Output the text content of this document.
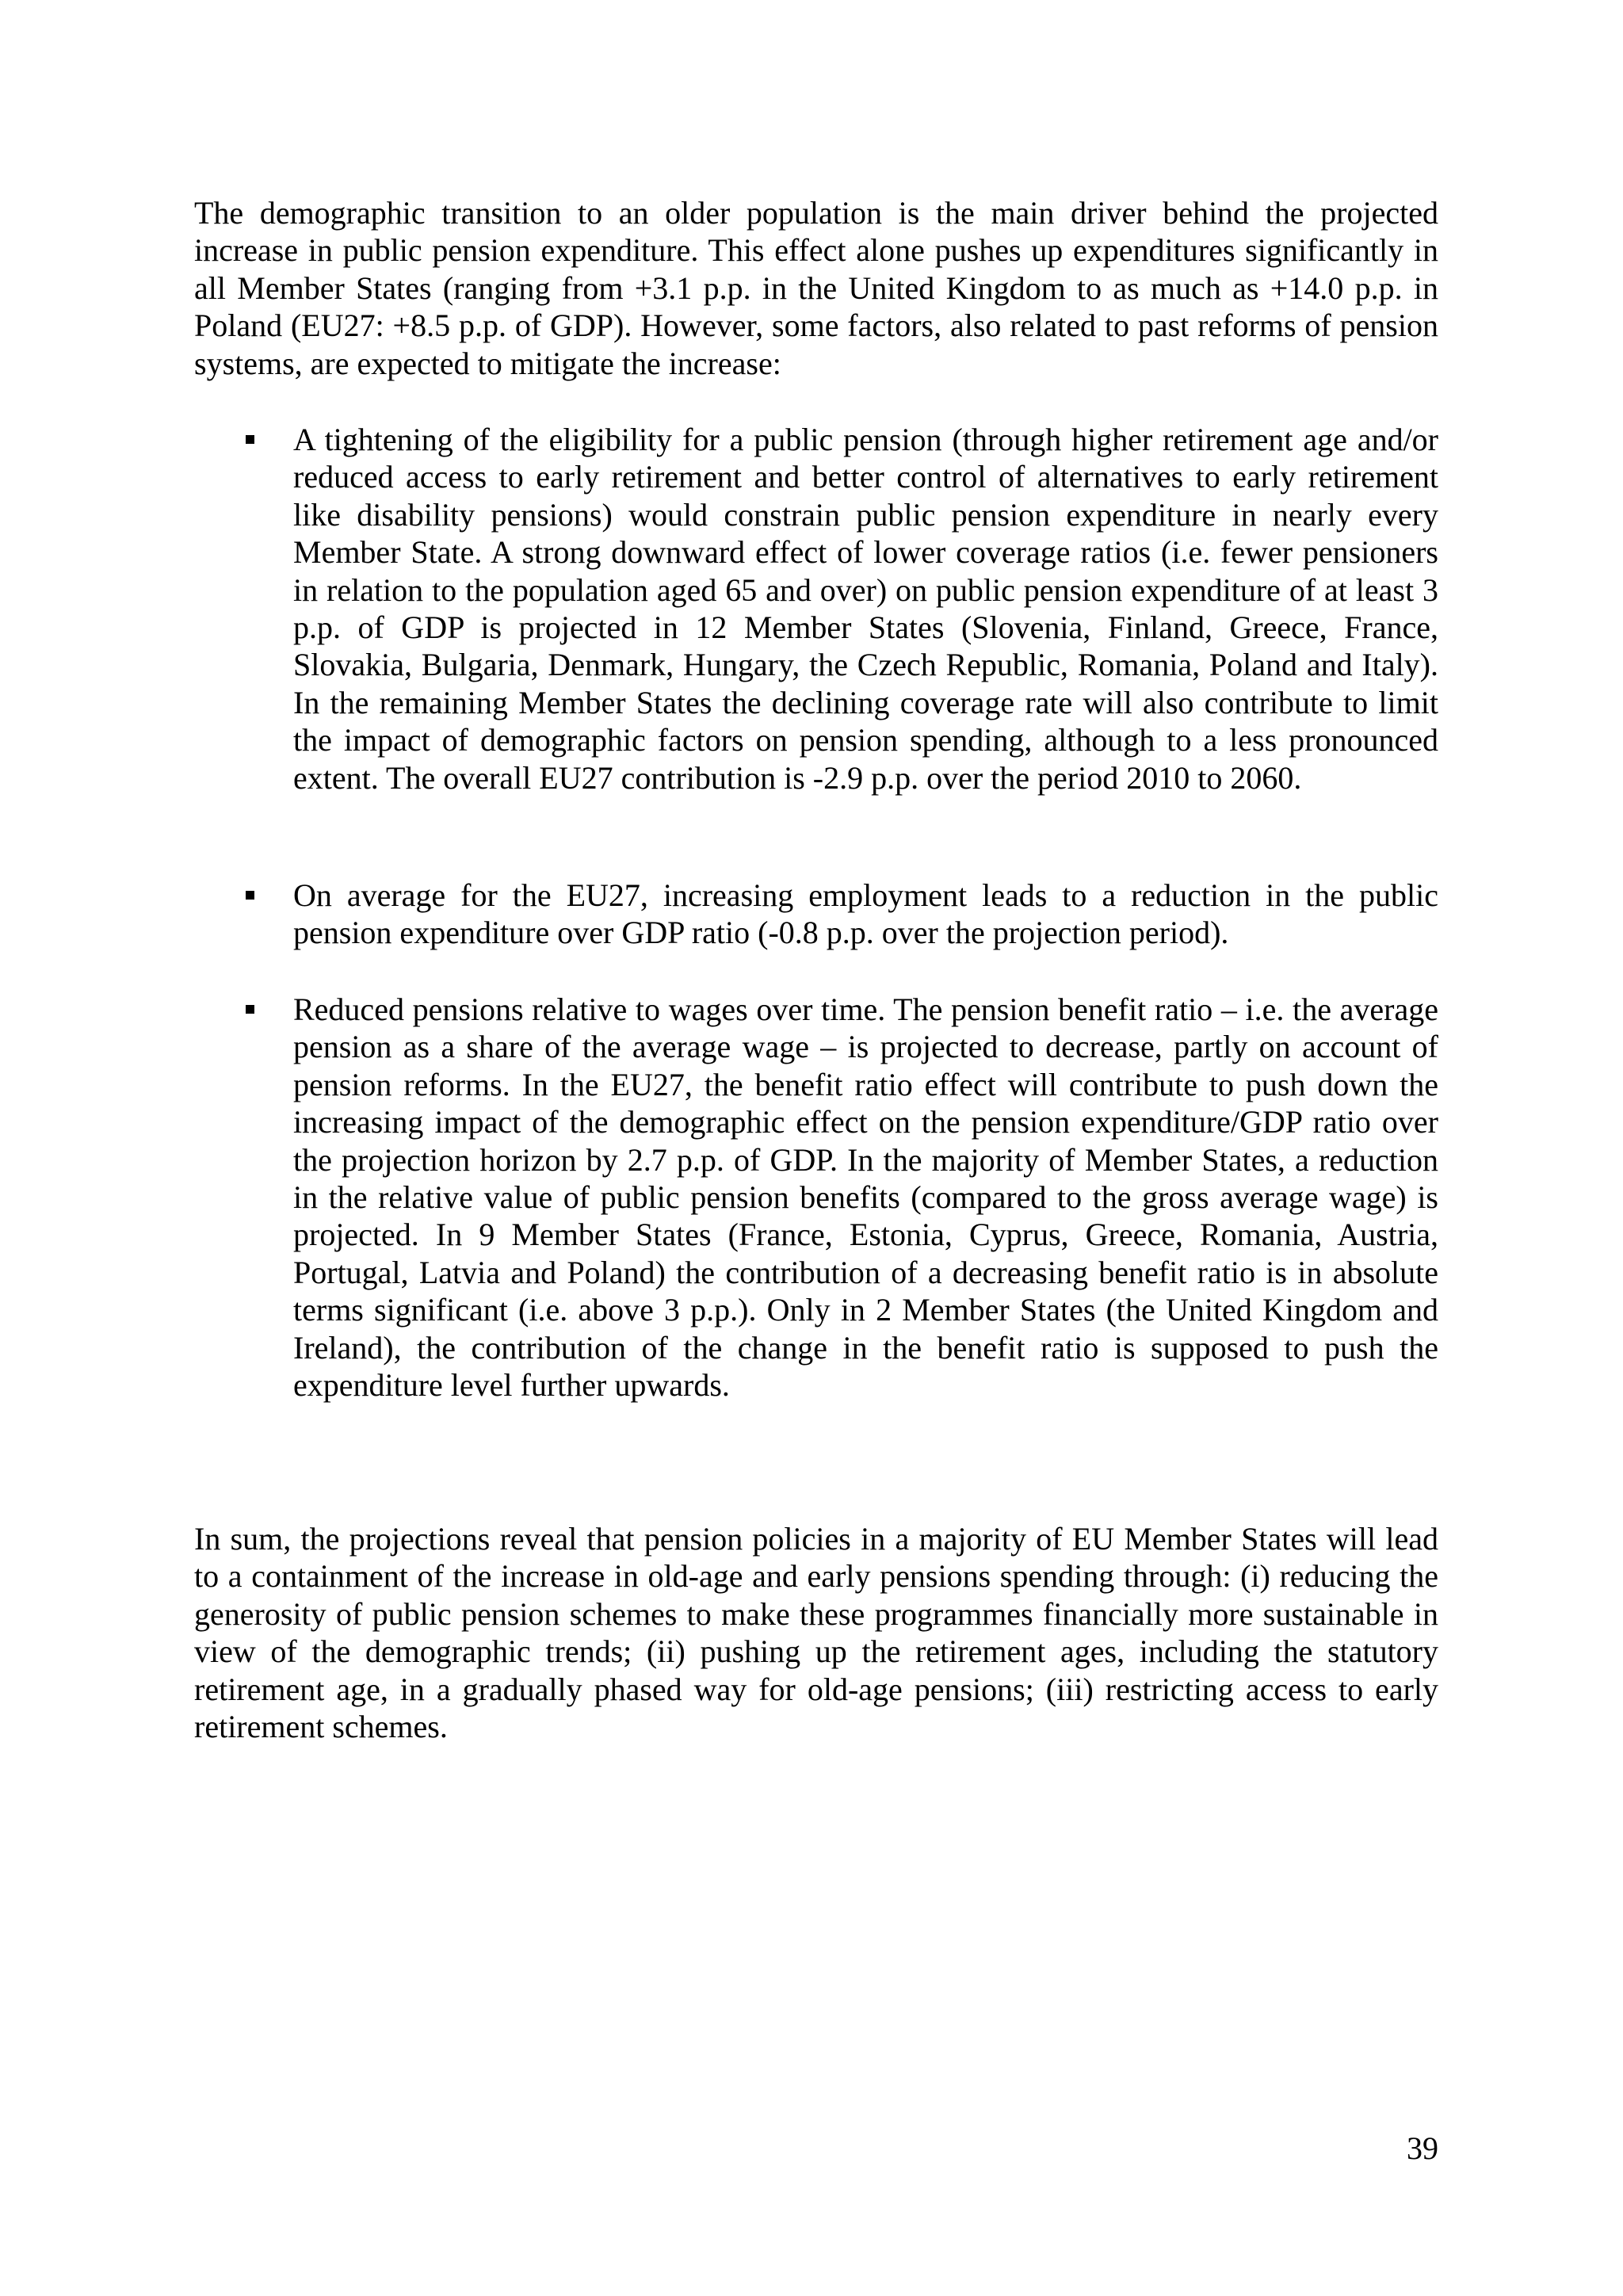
The demographic transition to an older population is the main driver behind the projected increase in public pension expenditure. This effect alone pushes up expenditures significantly in all Member States (ranging from +3.1 p.p. in the United Kingdom to as much as +14.0 p.p. in Poland (EU27: +8.5 p.p. of GDP). However, some factors, also related to past reforms of pension systems, are expected to mitigate the increase:

A tightening of the eligibility for a public pension (through higher retirement age and/or reduced access to early retirement and better control of alternatives to early retirement like disability pensions) would constrain public pension expenditure in nearly every Member State. A strong downward effect of lower coverage ratios (i.e. fewer pensioners in relation to the population aged 65 and over) on public pension expenditure of at least 3 p.p. of GDP is projected in 12 Member States (Slovenia, Finland, Greece, France, Slovakia, Bulgaria, Denmark, Hungary, the Czech Republic, Romania, Poland and Italy). In the remaining Member States the declining coverage rate will also contribute to limit the impact of demographic factors on pension spending, although to a less pronounced extent. The overall EU27 contribution is -2.9 p.p. over the period 2010 to 2060.

On average for the EU27, increasing employment leads to a reduction in the public pension expenditure over GDP ratio (-0.8 p.p. over the projection period).

Reduced pensions relative to wages over time. The pension benefit ratio – i.e. the average pension as a share of the average wage – is projected to decrease, partly on account of pension reforms. In the EU27, the benefit ratio effect will contribute to push down the increasing impact of the demographic effect on the pension expenditure/GDP ratio over the projection horizon by 2.7 p.p. of GDP. In the majority of Member States, a reduction in the relative value of public pension benefits (compared to the gross average wage) is projected. In 9 Member States (France, Estonia, Cyprus, Greece, Romania, Austria, Portugal, Latvia and Poland) the contribution of a decreasing benefit ratio is in absolute terms significant (i.e. above 3 p.p.). Only in 2 Member States (the United Kingdom and Ireland), the contribution of the change in the benefit ratio is supposed to push the expenditure level further upwards.

In sum, the projections reveal that pension policies in a majority of EU Member States will lead to a containment of the increase in old-age and early pensions spending through: (i) reducing the generosity of public pension schemes to make these programmes financially more sustainable in view of the demographic trends; (ii) pushing up the retirement ages, including the statutory retirement age, in a gradually phased way for old-age pensions; (iii) restricting access to early retirement schemes.

39
